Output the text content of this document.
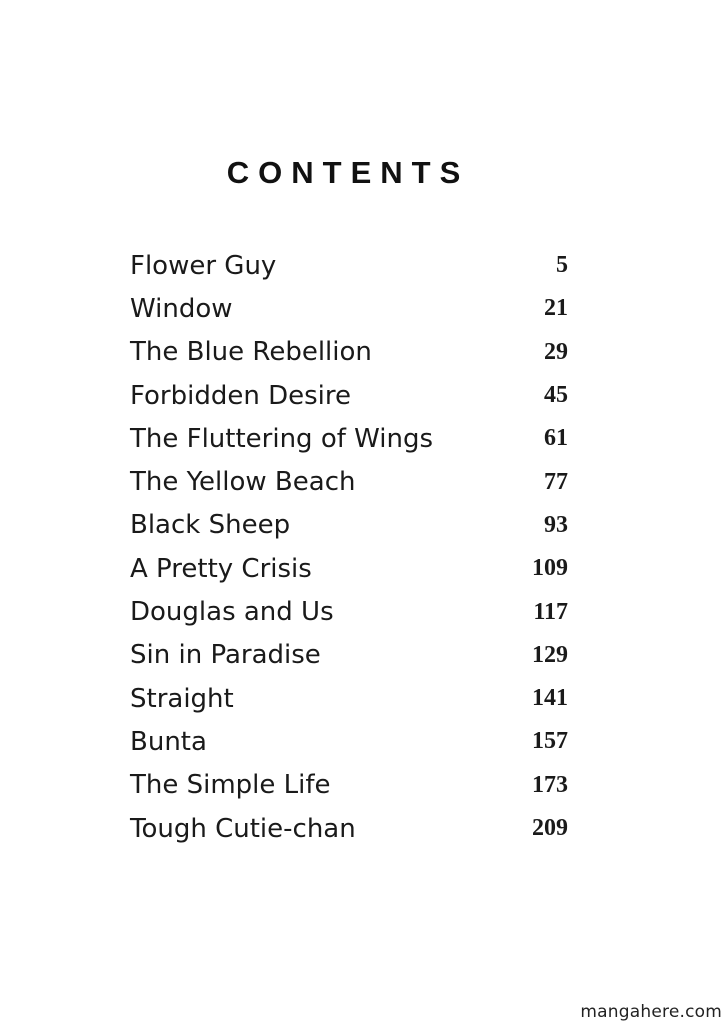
CONTENTS
Flower Guy	5
Window	21
The Blue Rebellion	29
Forbidden Desire	45
The Fluttering of Wings	61
The Yellow Beach	77
Black Sheep	93
A Pretty Crisis	109
Douglas and Us	117
Sin in Paradise	129
Straight	141
Bunta	157
The Simple Life	173
Tough Cutie-chan	209
mangahere.com
